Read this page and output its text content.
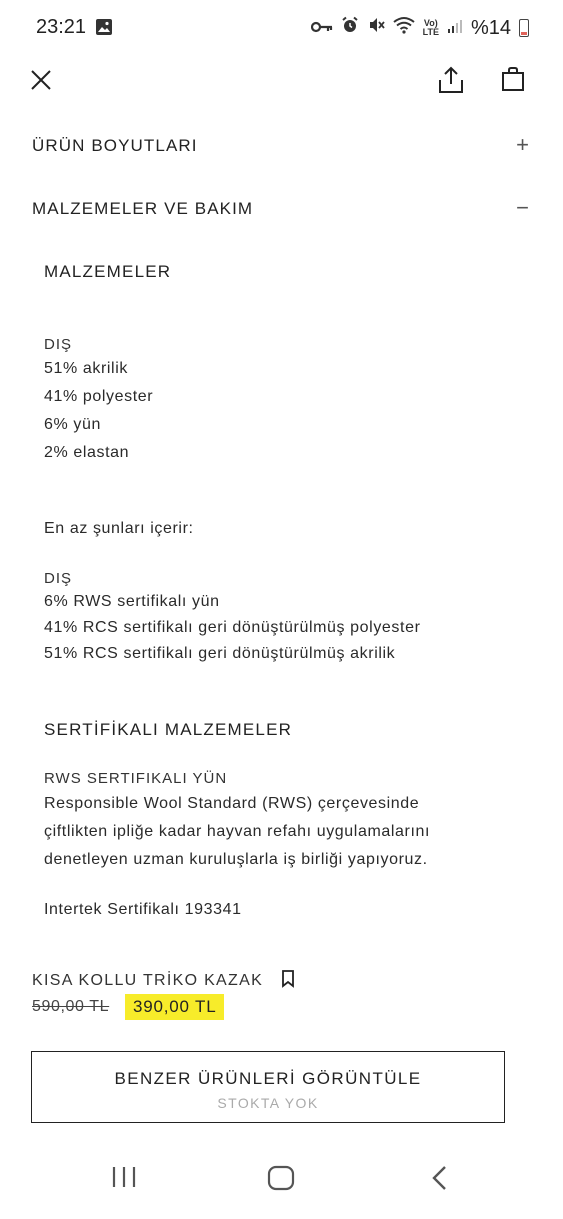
23:21	Vo)
LTE %14
ÜRÜN BOYUTLARI	+
MALZEMELER VE BAKIM	−
MALZEMELER
DIŞ
51% akrilik
41% polyester
6% yün
2% elastan
En az şunları içerir:
DIŞ
6% RWS sertifikalı yün
41% RCS sertifikalı geri dönüştürülmüş polyester
51% RCS sertifikalı geri dönüştürülmüş akrilik
SERTİFİKALI MALZEMELER
RWS SERTIFIKALI YÜN
Responsible Wool Standard (RWS) çerçevesinde
çiftlikten ipliğe kadar hayvan refahı uygulamalarını
denetleyen uzman kuruluşlarla iş birliği yapıyoruz.
Intertek Sertifikalı 193341
KISA KOLLU TRİKO KAZAK
590,00 TL	390,00 TL
BENZER ÜRÜNLERİ GÖRÜNTÜLE
STOKTA YOK
